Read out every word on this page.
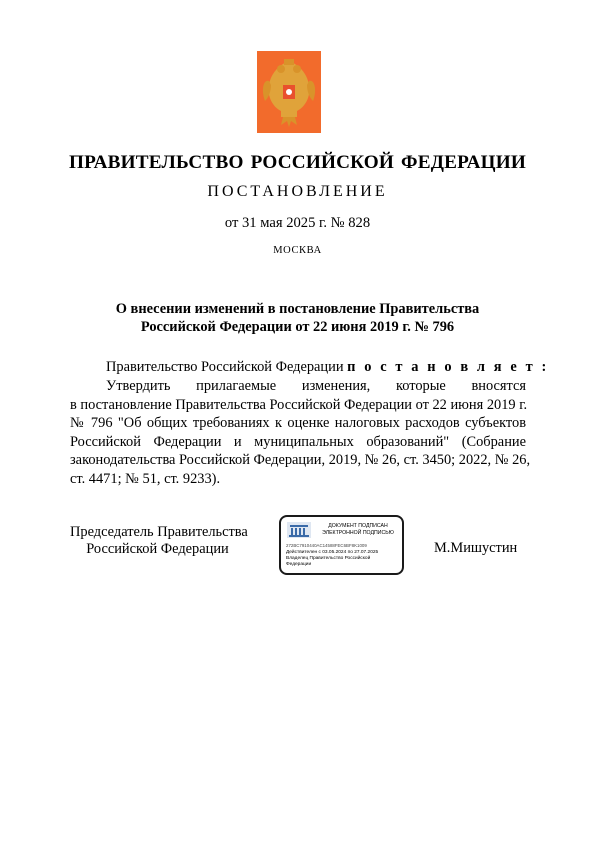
ПРАВИТЕЛЬСТВО РОССИЙСКОЙ ФЕДЕРАЦИИ
ПОСТАНОВЛЕНИЕ
от 31 мая 2025 г. № 828
МОСКВА
О внесении изменений в постановление Правительства
Российской Федерации от 22 июня 2019 г. № 796
Правительство Российской Федерации п о с т а н о в л я е т :
Утвердить прилагаемые изменения, которые вносятся
в постановление Правительства Российской Федерации от 22 июня 2019 г.
№ 796 "Об общих требованиях к оценке налоговых расходов субъектов
Российской Федерации и муниципальных образований" (Собрание
законодательства Российской Федерации, 2019, № 26, ст. 3450; 2022, № 26,
ст. 4471; № 51, ст. 9233).
Председатель Правительства
Российской Федерации
ДОКУМЕНТ ПОДПИСАН
ЭЛЕКТРОННОЙ ПОДПИСЬЮ
272BC7910440AC14588FEC6BF8K1009
Действителен с 03.05.2024 по 27.07.2025
Владелец Правительство Российской
Федерации
М.Мишустин
